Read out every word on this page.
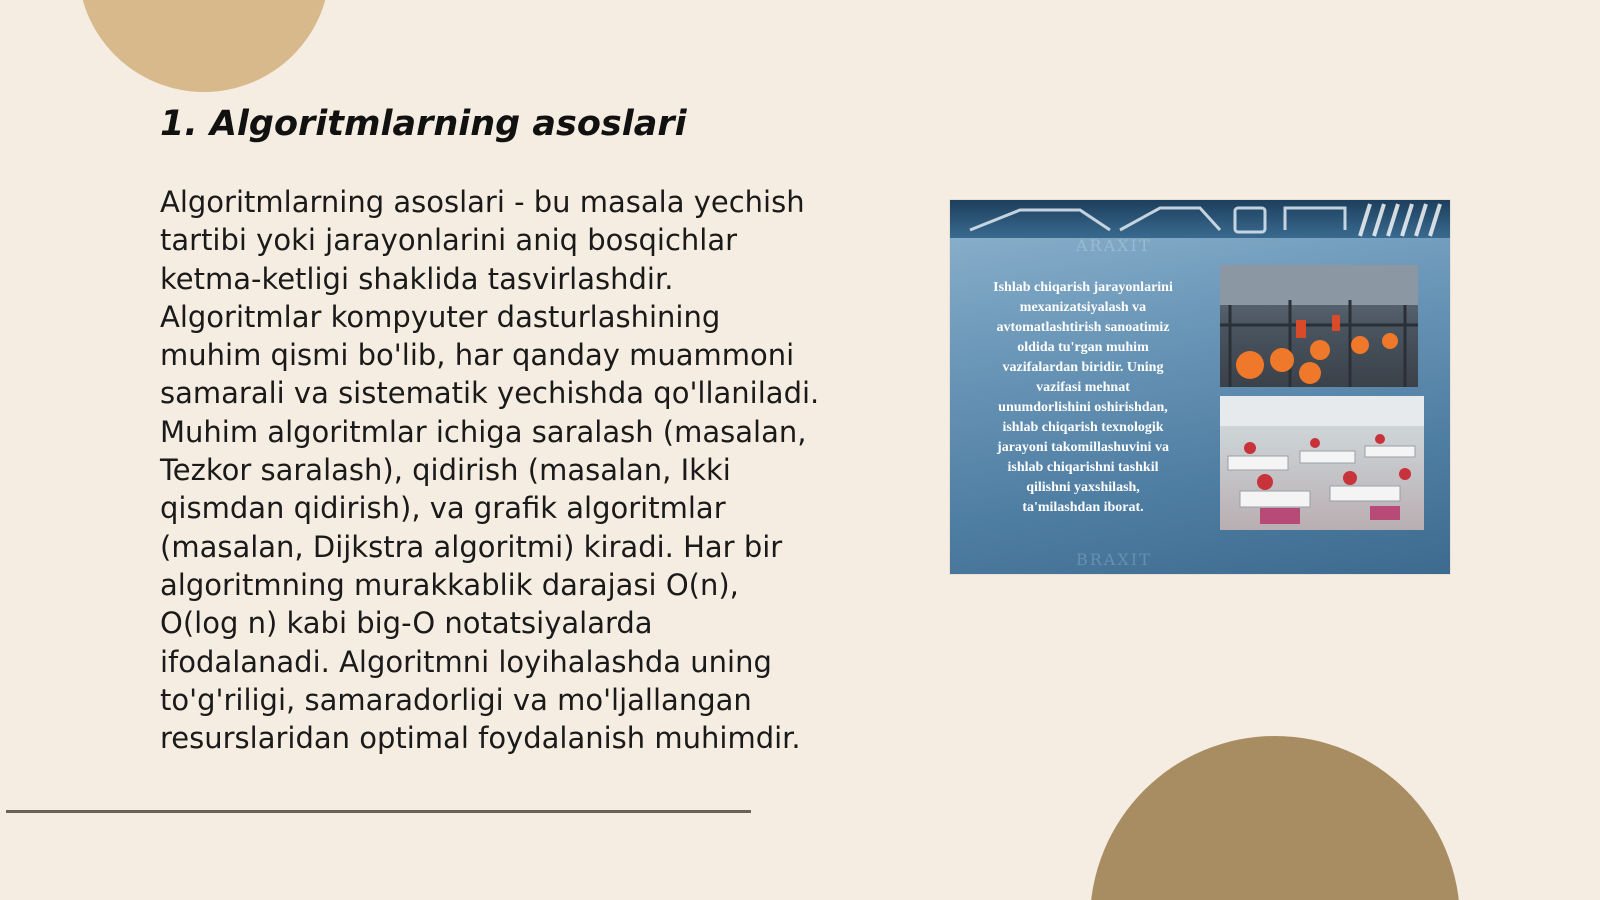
1. Algoritmlarning asoslari

Algoritmlarning asoslari - bu masala yechish
tartibi yoki jarayonlarini aniq bosqichlar
ketma-ketligi shaklida tasvirlashdir.
Algoritmlar kompyuter dasturlashining
muhim qismi bo'lib, har qanday muammoni
samarali va sistematik yechishda qo'llaniladi.
Muhim algoritmlar ichiga saralash (masalan,
Tezkor saralash), qidirish (masalan, Ikki
qismdan qidirish), va grafik algoritmlar
(masalan, Dijkstra algoritmi) kiradi. Har bir
algoritmning murakkablik darajasi O(n),
O(log n) kabi big-O notatsiyalarda
ifodalanadi. Algoritmni loyihalashda uning
to'g'riligi, samaradorligi va mo'ljallangan
resurslaridan optimal foydalanish muhimdir.

ARAXIT

Ishlab chiqarish jarayonlarini
mexanizatsiyalash va
avtomatlashtirish sanoatimiz
oldida tu'rgan muhim
vazifalardan biridir. Uning
vazifasi mehnat
unumdorlishini oshirishdan,
ishlab chiqarish texnologik
jarayoni takomillashuvini va
ishlab chiqarishni tashkil
qilishni yaxshilash,
ta'milashdan iborat.

BRAXIT
